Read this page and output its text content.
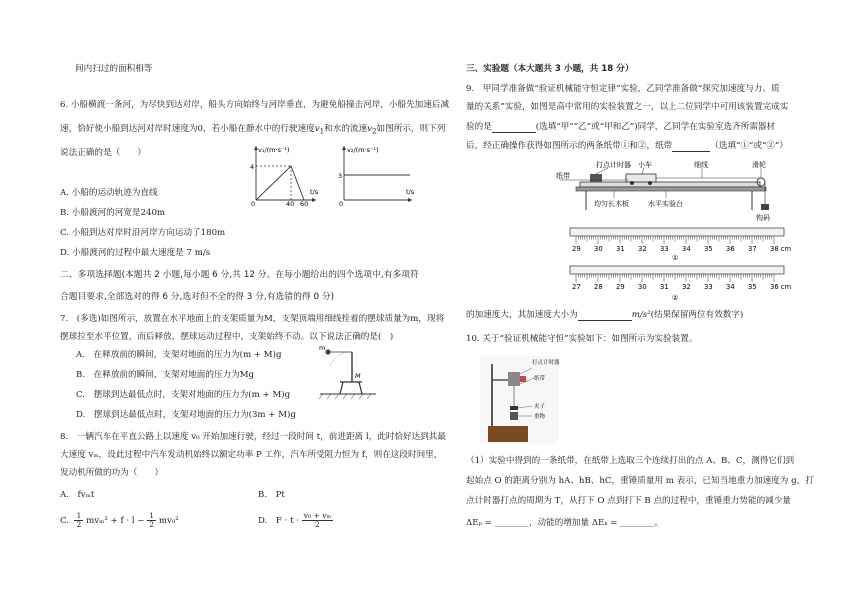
间内扫过的面积相等
6. 小船横渡一条河，为尽快到达对岸，船头方向始终与河岸垂直，为避免船撞击河岸，小船先加速后减
速，恰好使小船到达河对岸时速度为0，若小船在静水中的行驶速度$v_1$和水的流速$v_2$如图所示，则下列
说法正确的是（　　）	v₁/(m·s⁻¹)
4
0	40 60
t/s
v₂/(m·s⁻¹)
3
0
t/s
A. 小船的运动轨迹为直线
B. 小船渡河的河宽是240m
C. 小船到达对岸时沿河岸方向运动了180m
D. 小船渡河的过程中最大速度是 7 m/s
二、多项选择题(本题共 2 小题,每小题 6 分,共 12 分。在每小题给出的四个选项中,有多项符
合题目要求,全部选对的得 6 分,选对但不全的得 3 分,有选错的得 0 分)
7.　(多选)如图所示，放置在水平地面上的支架质量为M，支架顶端用细线拴着的摆球质量为m，现将
摆球拉至水平位置，而后释放，摆球运动过程中，支架始终不动。以下说法正确的是(　)
m
M
A.　在释放前的瞬间，支架对地面的压力为(m + M)g
B.　在释放前的瞬间，支架对地面的压力为Mg
C.　摆球到达最低点时，支架对地面的压力为(m + M)g
D.　摆球到达最低点时，支架对地面的压力为(3m + M)g
8.　一辆汽车在平直公路上以速度 v₀ 开始加速行驶，经过一段时间 t，前进距离 l，此时恰好达到其最
大速度 vₘ，设此过程中汽车发动机始终以额定功率 P 工作，汽车所受阻力恒为 f，则在这段时间里，
发动机所做的功为（　　）
A.　fvₘt	B.　Pt
C. $\frac{1}{2} mv_m^2 + f \cdot l - \frac{1}{2} mv_0^2$	D.　$F \cdot t \cdot \frac{\text{v₀ + vₘ}}{2}$
三、实验题（本大题共 3 小题，共 18 分）
9.　甲同学准备做“验证机械能守恒定律”实验，乙同学准备做“探究加速度与力、质
量的关系”实验，如图是高中常用的实验装置之一，以上二位同学中可用该装置完成实
验的是	(选填“甲”“乙”或“甲和乙”)同学，乙同学在实验室选齐所需器材
后，经正确操作获得如图所示的两条纸带①和②，纸带	（选填“①”或“②”）
打点计时器 小车	细线	滑轮
纸带
均匀长木板	水平实验台
钩码
29 30 31 32 33 34 35 36 37 38 cm
①
27 28 29 30 31 32 33 34 35 36 cm
②
的加速度大，其加速度大小为	m/s²(结果保留两位有效数字)
10. 关于“验证机械能守恒”实验如下：如图所示为实验装置。
打点计时器
纸带
夹子
重物
（1）实验中得到的一条纸带，在纸带上选取三个连续打出的点 A、B、C，测得它们到
起始点 O 的距离分别为 hA、hB、hC，重锤质量用 m 表示，已知当地重力加速度为 g，打
点计时器打点的周期为 T，从打下 O 点到打下 B 点的过程中，重锤重力势能的减少量
ΔEₚ = ________，动能的增加量 ΔEₖ = ________。
